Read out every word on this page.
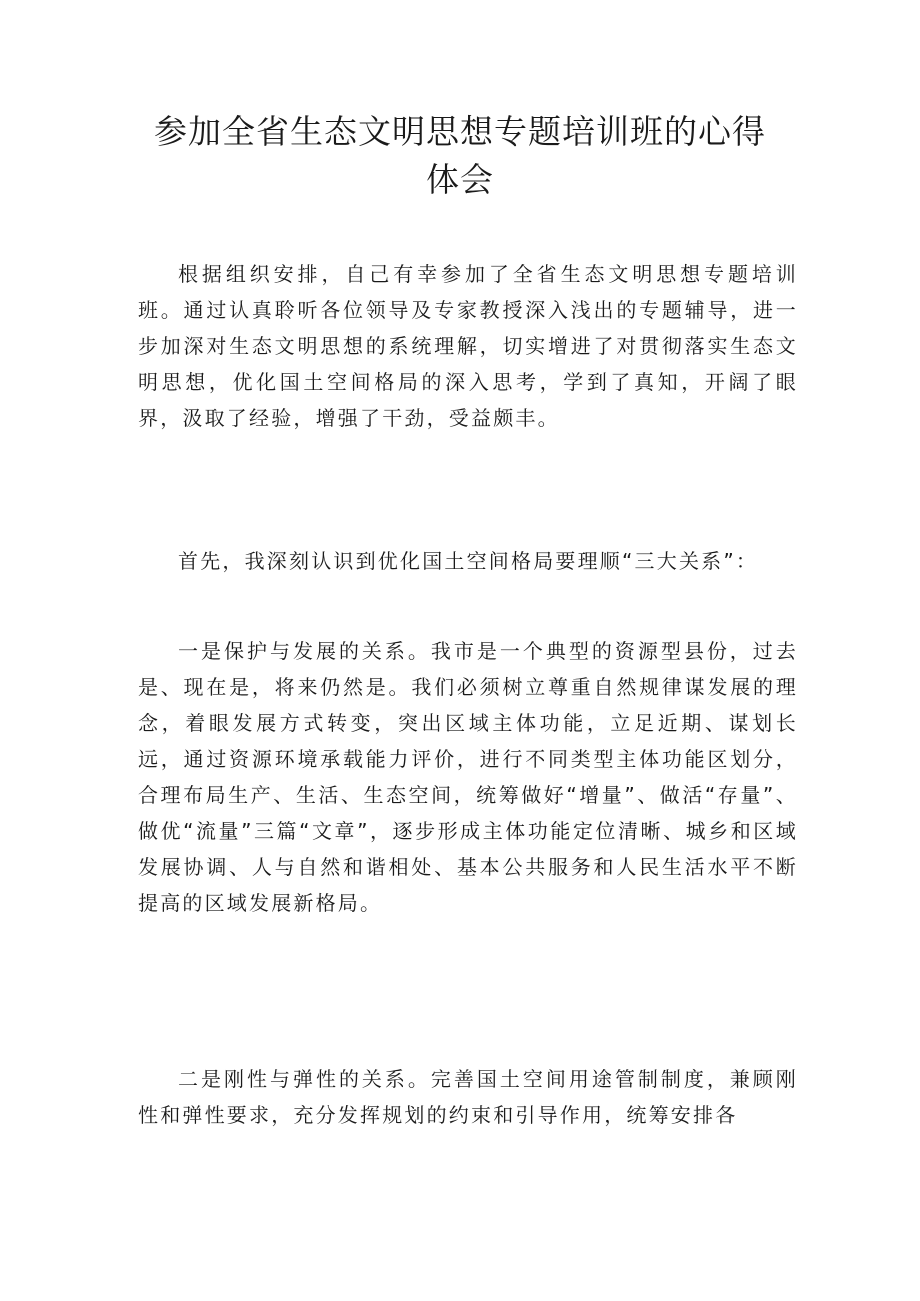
参加全省生态文明思想专题培训班的心得
体会

根据组织安排，自己有幸参加了全省生态文明思想专题培训班。通过认真聆听各位领导及专家教授深入浅出的专题辅导，进一步加深对生态文明思想的系统理解，切实增进了对贯彻落实生态文明思想，优化国土空间格局的深入思考，学到了真知，开阔了眼界，汲取了经验，增强了干劲，受益颇丰。

首先，我深刻认识到优化国土空间格局要理顺“三大关系”：

一是保护与发展的关系。我市是一个典型的资源型县份，过去是、现在是，将来仍然是。我们必须树立尊重自然规律谋发展的理念，着眼发展方式转变，突出区域主体功能，立足近期、谋划长远，通过资源环境承载能力评价，进行不同类型主体功能区划分，合理布局生产、生活、生态空间，统筹做好“增量”、做活“存量”、做优“流量”三篇“文章”，逐步形成主体功能定位清晰、城乡和区域发展协调、人与自然和谐相处、基本公共服务和人民生活水平不断提高的区域发展新格局。

二是刚性与弹性的关系。完善国土空间用途管制制度，兼顾刚性和弹性要求，充分发挥规划的约束和引导作用，统筹安排各
